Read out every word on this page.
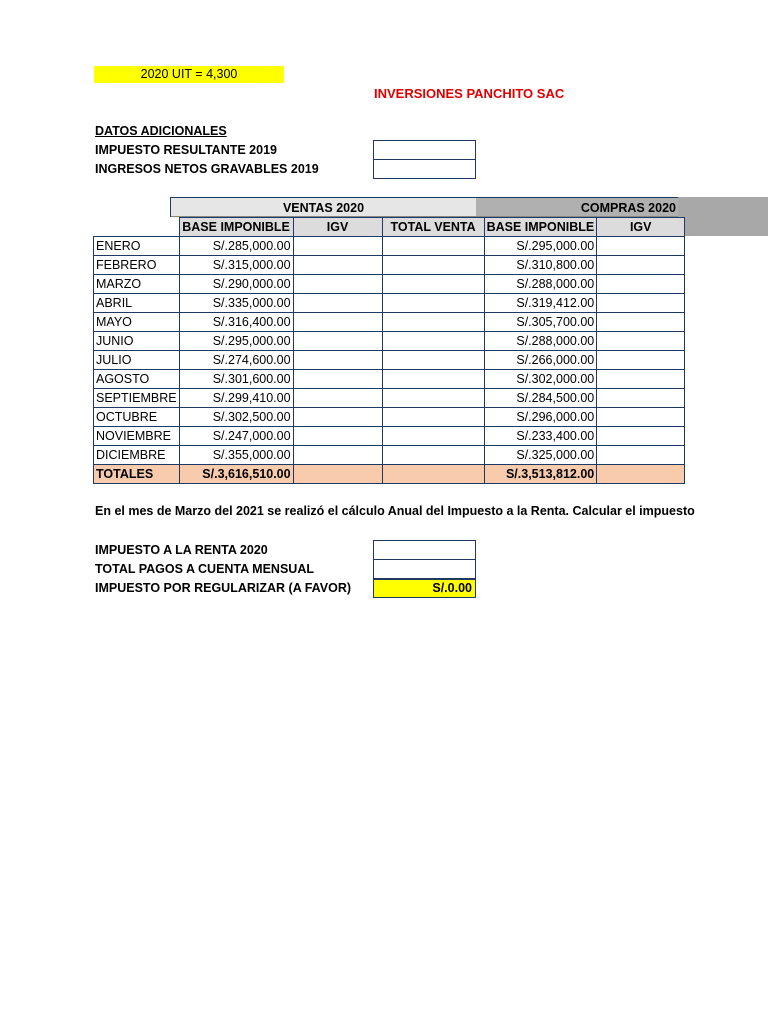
2020 UIT = 4,300
INVERSIONES PANCHITO SAC
DATOS ADICIONALES
IMPUESTO RESULTANTE 2019
INGRESOS NETOS GRAVABLES 2019
VENTAS 2020	COMPRAS 2020
	BASE IMPONIBLE	IGV	TOTAL VENTA	BASE IMPONIBLE	IGV
ENERO	S/.285,000.00			S/.295,000.00	
FEBRERO	S/.315,000.00			S/.310,800.00	
MARZO	S/.290,000.00			S/.288,000.00	
ABRIL	S/.335,000.00			S/.319,412.00	
MAYO	S/.316,400.00			S/.305,700.00	
JUNIO	S/.295,000.00			S/.288,000.00	
JULIO	S/.274,600.00			S/.266,000.00	
AGOSTO	S/.301,600.00			S/.302,000.00	
SEPTIEMBRE	S/.299,410.00			S/.284,500.00	
OCTUBRE	S/.302,500.00			S/.296,000.00	
NOVIEMBRE	S/.247,000.00			S/.233,400.00	
DICIEMBRE	S/.355,000.00			S/.325,000.00	
TOTALES	S/.3,616,510.00			S/.3,513,812.00	
En el mes de Marzo del 2021 se realizó el cálculo Anual del Impuesto a la Renta. Calcular el impuesto
IMPUESTO A LA RENTA 2020
TOTAL PAGOS A CUENTA MENSUAL
IMPUESTO POR REGULARIZAR (A FAVOR)	S/.0.00
